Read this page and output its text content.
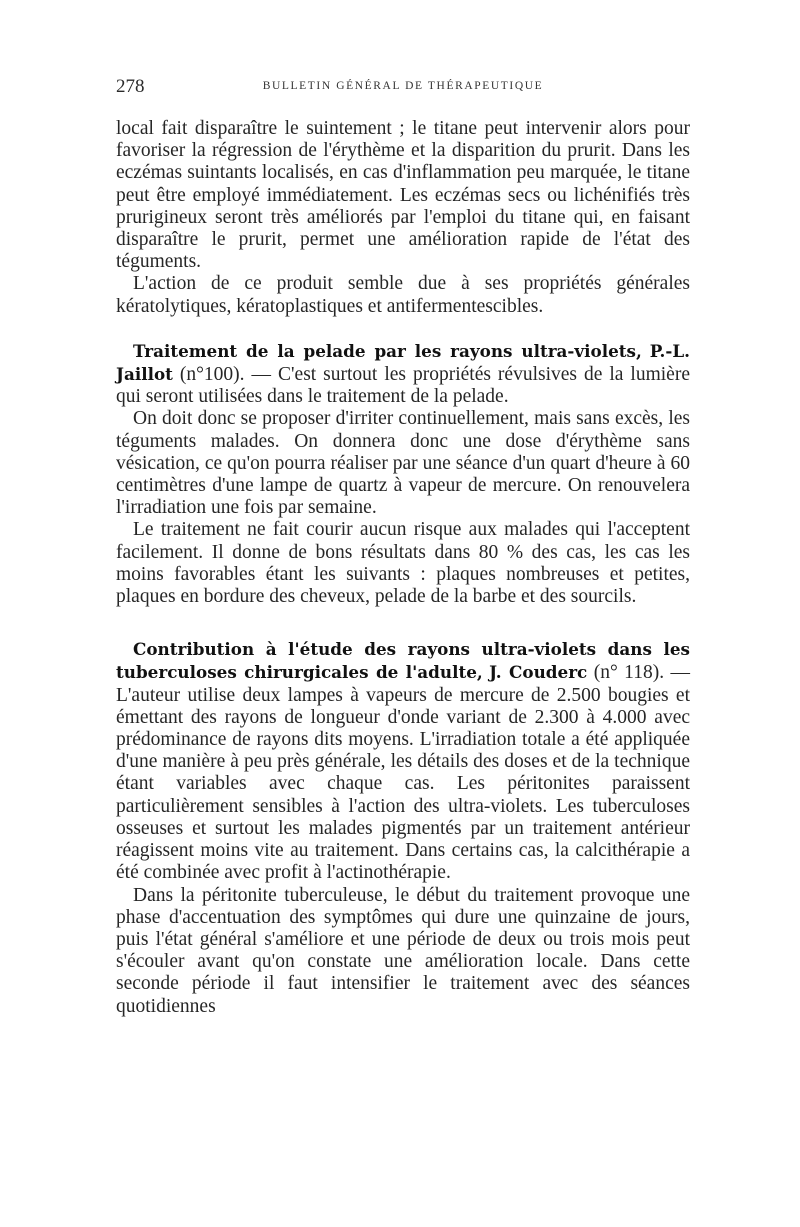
278	BULLETIN GÉNÉRAL DE THÉRAPEUTIQUE

local fait disparaître le suintement ; le titane peut intervenir alors pour favoriser la régression de l'érythème et la disparition du prurit. Dans les eczémas suintants localisés, en cas d'inflammation peu marquée, le titane peut être employé immédiatement. Les eczémas secs ou lichénifiés très prurigineux seront très améliorés par l'emploi du titane qui, en faisant disparaître le prurit, permet une amélioration rapide de l'état des téguments.

L'action de ce produit semble due à ses propriétés générales kératolytiques, kératoplastiques et antifermentescibles.

Traitement de la pelade par les rayons ultra-violets, P.-L. Jaillot (n°100). — C'est surtout les propriétés révulsives de la lumière qui seront utilisées dans le traitement de la pelade.

On doit donc se proposer d'irriter continuellement, mais sans excès, les téguments malades. On donnera donc une dose d'érythème sans vésication, ce qu'on pourra réaliser par une séance d'un quart d'heure à 60 centimètres d'une lampe de quartz à vapeur de mercure. On renouvelera l'irradiation une fois par semaine.

Le traitement ne fait courir aucun risque aux malades qui l'acceptent facilement. Il donne de bons résultats dans 80 % des cas, les cas les moins favorables étant les suivants : plaques nombreuses et petites, plaques en bordure des cheveux, pelade de la barbe et des sourcils.

Contribution à l'étude des rayons ultra-violets dans les tuberculoses chirurgicales de l'adulte, J. Couderc (n° 118). — L'auteur utilise deux lampes à vapeurs de mercure de 2.500 bougies et émettant des rayons de longueur d'onde variant de 2.300 à 4.000 avec prédominance de rayons dits moyens. L'irradiation totale a été appliquée d'une manière à peu près générale, les détails des doses et de la technique étant variables avec chaque cas. Les péritonites paraissent particulièrement sensibles à l'action des ultra-violets. Les tuberculoses osseuses et surtout les malades pigmentés par un traitement antérieur réagissent moins vite au traitement. Dans certains cas, la calcithérapie a été combinée avec profit à l'actinothérapie.

Dans la péritonite tuberculeuse, le début du traitement provoque une phase d'accentuation des symptômes qui dure une quinzaine de jours, puis l'état général s'améliore et une période de deux ou trois mois peut s'écouler avant qu'on constate une amélioration locale. Dans cette seconde période il faut intensifier le traitement avec des séances quotidiennes
